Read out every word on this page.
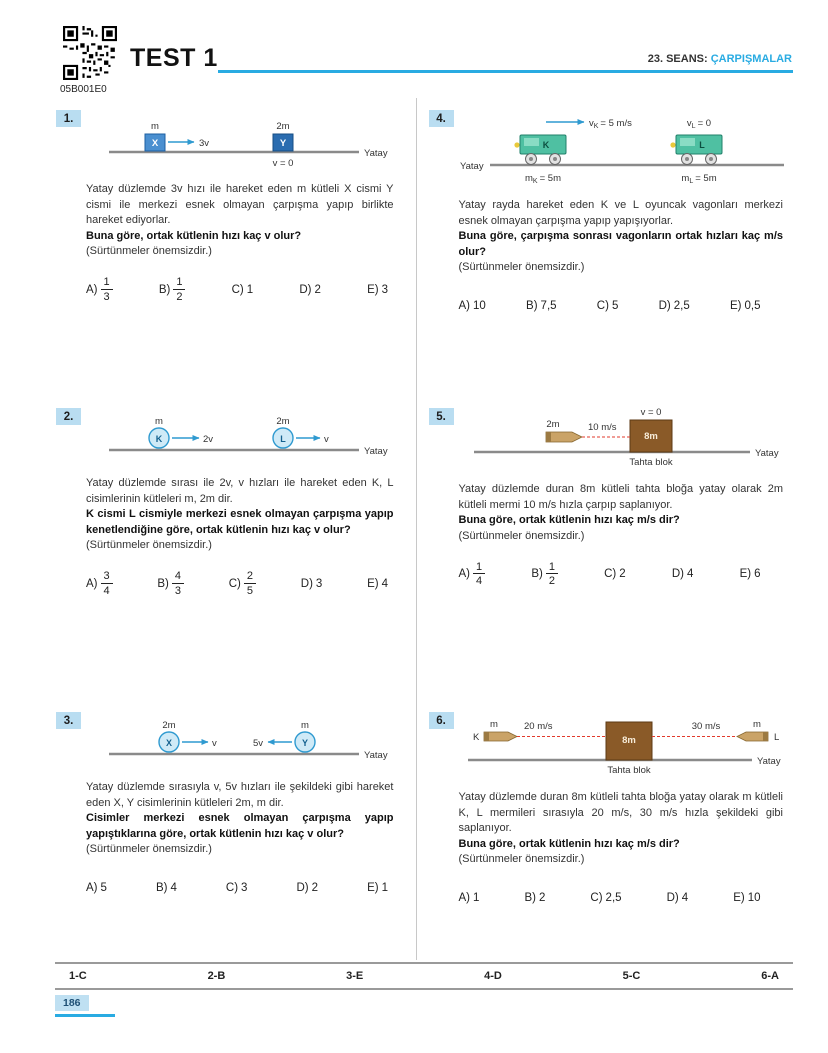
05B001E0
TEST 1	23. SEANS: ÇARPIŞMALAR
1.
Yatay
m
X	3v
2m
Y
v = 0

Yatay düzlemde 3v hızı ile hareket eden m kütleli X cismi Y cismi ile merkezi esnek olmayan çarpışma yapıp birlikte hareket ediyorlar.

Buna göre, ortak kütlenin hızı kaç v olur?

(Sürtünmeler önemsizdir.)

$A) \frac{1}{3}$	$B) \frac{1}{2}$	C) 1	D) 2	E) 3
2.
Yatay
m
K	2v
2m
L	v

Yatay düzlemde sırası ile 2v, v hızları ile hareket eden K, L cisimlerinin kütleleri m, 2m dir.

K cismi L cismiyle merkezi esnek olmayan çarpışma yapıp kenetlendiğine göre, ortak kütlenin hızı kaç v olur?

(Sürtünmeler önemsizdir.)

$A) \frac{3}{4}$	$B) \frac{4}{3}$	$C) \frac{2}{5}$	D) 3	E) 4
3.
Yatay
2m
X	v
m
Y
5v

Yatay düzlemde sırasıyla v, 5v hızları ile şekildeki gibi hareket eden X, Y cisimlerinin kütleleri 2m, m dir.

Cisimler merkezi esnek olmayan çarpışma yapıp yapıştıklarına göre, ortak kütlenin hızı kaç v olur?

(Sürtünmeler önemsizdir.)

A) 5	B) 4	C) 3	D) 2	E) 1
4.
Yatay
$v_K = 5$ m/s
K
$m_K = 5m$
$v_L = 0$
L
$m_L = 5m$

Yatay rayda hareket eden K ve L oyuncak vagonları merkezi esnek olmayan çarpışma yapıp yapışıyorlar.

Buna göre, çarpışma sonrası vagonların ortak hızları kaç m/s olur?

(Sürtünmeler önemsizdir.)

A) 10	B) 7,5	C) 5	D) 2,5	E) 0,5
5.
Yatay
v = 0
8m
Tahta blok
2m	10 m/s

Yatay düzlemde duran 8m kütleli tahta bloğa yatay olarak 2m kütleli mermi 10 m/s hızla çarpıp saplanıyor.

Buna göre, ortak kütlenin hızı kaç m/s dir?

(Sürtünmeler önemsizdir.)

$A) \frac{1}{4}$	$B) \frac{1}{2}$	C) 2	D) 4	E) 6
6.
Yatay
8m
Tahta blok
K
m	20 m/s	30 m/s	m
L

Yatay düzlemde duran 8m kütleli tahta bloğa yatay olarak m kütleli K, L mermileri sırasıyla 20 m/s, 30 m/s hızla şekildeki gibi saplanıyor.

Buna göre, ortak kütlenin hızı kaç m/s dir?

(Sürtünmeler önemsizdir.)

A) 1	B) 2	C) 2,5	D) 4	E) 10
1-C	2-B	3-E	4-D	5-C	6-A
186
